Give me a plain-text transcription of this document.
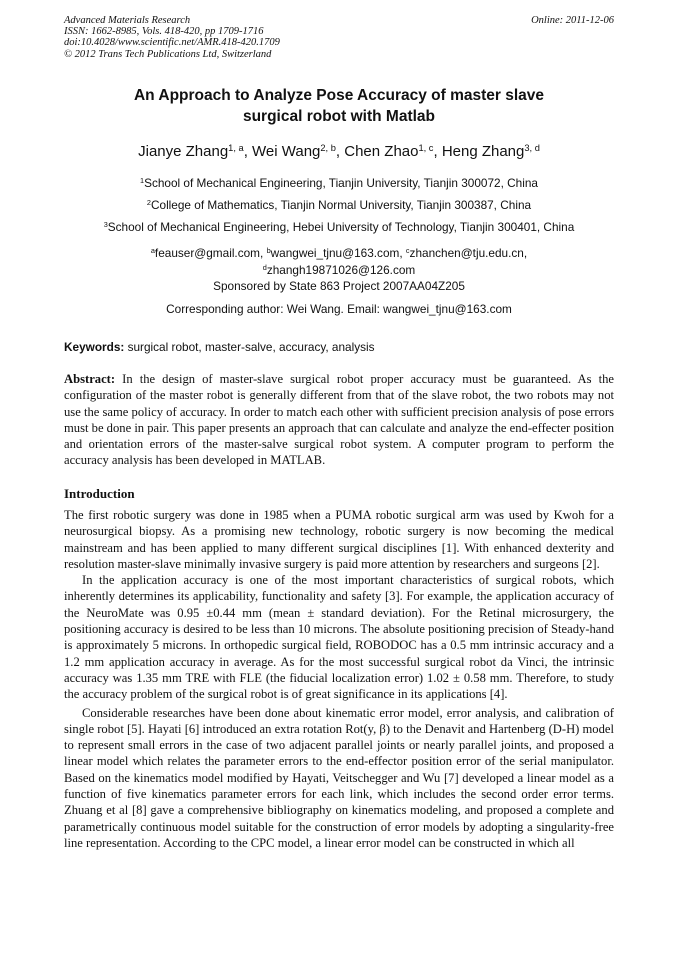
Advanced Materials Research
ISSN: 1662-8985, Vols. 418-420, pp 1709-1716
doi:10.4028/www.scientific.net/AMR.418-420.1709
© 2012 Trans Tech Publications Ltd, Switzerland
Online: 2011-12-06
An Approach to Analyze Pose Accuracy of master slave
surgical robot with Matlab
Jianye Zhang$^{1, a}$, Wei Wang$^{2, b}$, Chen Zhao$^{1, c}$, Heng Zhang$^{3, d}$
$^1$School of Mechanical Engineering, Tianjin University, Tianjin 300072, China
$^2$College of Mathematics, Tianjin Normal University, Tianjin 300387, China
$^3$School of Mechanical Engineering, Hebei University of Technology, Tianjin 300401, China
$^a$feauser@gmail.com, $^b$wangwei_tjnu@163.com, $^c$zhanchen@tju.edu.cn,
$^d$zhangh19871026@126.com
Sponsored by State 863 Project 2007AA04Z205
Corresponding author: Wei Wang. Email: wangwei_tjnu@163.com
Keywords: surgical robot, master-salve, accuracy, analysis

Abstract: In the design of master-slave surgical robot proper accuracy must be guaranteed. As the configuration of the master robot is generally different from that of the slave robot, the two robots may not use the same policy of accuracy. In order to match each other with sufficient precision analysis of pose errors must be done in pair. This paper presents an approach that can calculate and analyze the end-effecter position and orientation errors of the master-salve surgical robot system. A computer program to perform the accuracy analysis has been developed in MATLAB.

Introduction

The first robotic surgery was done in 1985 when a PUMA robotic surgical arm was used by Kwoh for a neurosurgical biopsy. As a promising new technology, robotic surgery is now becoming the medical mainstream and has been applied to many different surgical disciplines [1]. With enhanced dexterity and resolution master-slave minimally invasive surgery is paid more attention by researchers and surgeons [2].

In the application accuracy is one of the most important characteristics of surgical robots, which inherently determines its applicability, functionality and safety [3]. For example, the application accuracy of the NeuroMate was 0.95 ±0.44 mm (mean ± standard deviation). For the Retinal microsurgery, the positioning accuracy is desired to be less than 10 microns. The absolute positioning precision of Steady-hand is approximately 5 microns. In orthopedic surgical field, ROBODOC has a 0.5 mm intrinsic accuracy and a 1.2 mm application accuracy in average. As for the most successful surgical robot da Vinci, the intrinsic accuracy was 1.35 mm TRE with FLE (the fiducial localization error) 1.02 ± 0.58 mm. Therefore, to study the accuracy problem of the surgical robot is of great significance in its applications [4].

Considerable researches have been done about kinematic error model, error analysis, and calibration of single robot [5]. Hayati [6] introduced an extra rotation Rot(y, β) to the Denavit and Hartenberg (D-H) model to represent small errors in the case of two adjacent parallel joints or nearly parallel joints, and proposed a linear model which relates the parameter errors to the end-effector position error of the serial manipulator. Based on the kinematics model modified by Hayati, Veitschegger and Wu [7] developed a linear model as a function of five kinematics parameter errors for each link, which includes the second order error terms. Zhuang et al [8] gave a comprehensive bibliography on kinematics modeling, and proposed a complete and parametrically continuous model suitable for the construction of error models by adopting a singularity-free line representation. According to the CPC model, a linear error model can be constructed in which all
